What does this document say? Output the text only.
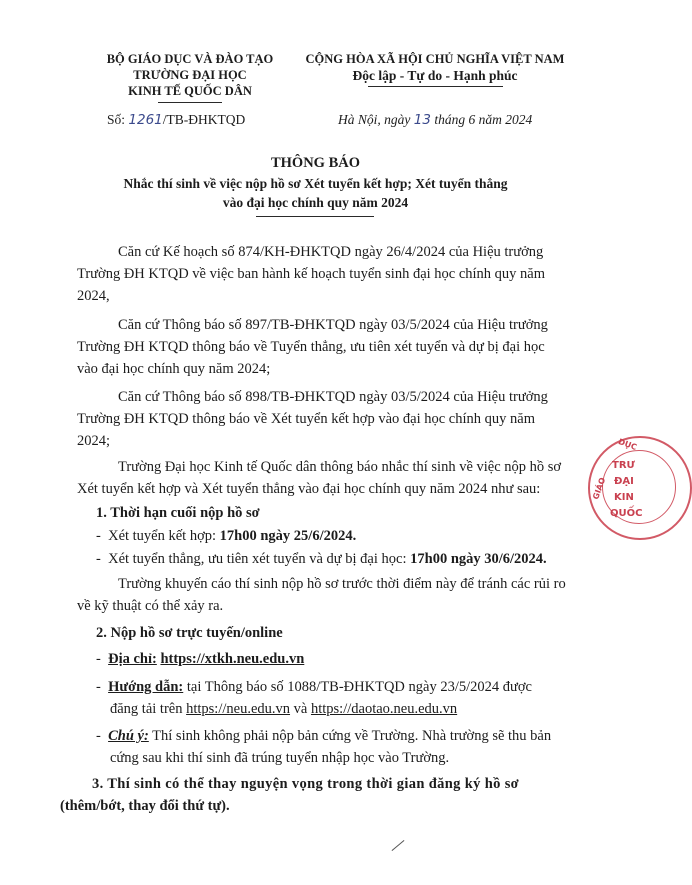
BỘ GIÁO DỤC VÀ ĐÀO TẠO
TRƯỜNG ĐẠI HỌC
KINH TẾ QUỐC DÂN
Số: 1261/TB-ĐHKTQD
CỘNG HÒA XÃ HỘI CHỦ NGHĨA VIỆT NAM
Độc lập - Tự do - Hạnh phúc
Hà Nội, ngày 13 tháng 6 năm 2024
THÔNG BÁO
Nhắc thí sinh về việc nộp hồ sơ Xét tuyển kết hợp; Xét tuyển thẳng
vào đại học chính quy năm 2024
Căn cứ Kế hoạch số 874/KH-ĐHKTQD ngày 26/4/2024 của Hiệu trưởng
Trường ĐH KTQD về việc ban hành kế hoạch tuyển sinh đại học chính quy năm
2024,
Căn cứ Thông báo số 897/TB-ĐHKTQD ngày 03/5/2024 của Hiệu trưởng
Trường ĐH KTQD thông báo về Tuyển thẳng, ưu tiên xét tuyển và dự bị đại học
vào đại học chính quy năm 2024;
Căn cứ Thông báo số 898/TB-ĐHKTQD ngày 03/5/2024 của Hiệu trưởng
Trường ĐH KTQD thông báo về Xét tuyển kết hợp vào đại học chính quy năm
2024;
Trường Đại học Kinh tế Quốc dân thông báo nhắc thí sinh về việc nộp hồ sơ
Xét tuyển kết hợp và Xét tuyển thẳng vào đại học chính quy năm 2024 như sau:
1. Thời hạn cuối nộp hồ sơ
-  Xét tuyển kết hợp: 17h00 ngày 25/6/2024.
-  Xét tuyển thẳng, ưu tiên xét tuyển và dự bị đại học: 17h00 ngày 30/6/2024.
Trường khuyến cáo thí sinh nộp hồ sơ trước thời điểm này để tránh các rủi ro
về kỹ thuật có thể xảy ra.
2. Nộp hồ sơ trực tuyến/online
-  Địa chỉ: https://xtkh.neu.edu.vn
-  Hướng dẫn: tại Thông báo số 1088/TB-ĐHKTQD ngày 23/5/2024 được
đăng tải trên https://neu.edu.vn và https://daotao.neu.edu.vn
-  Chú ý: Thí sinh không phải nộp bản cứng về Trường. Nhà trường sẽ thu bản
cứng sau khi thí sinh đã trúng tuyển nhập học vào Trường.
3. Thí sinh có thể thay nguyện vọng trong thời gian đăng ký hồ sơ
(thêm/bớt, thay đổi thứ tự).
TRƯ
ĐẠI
KIN
QUỐC
DỤC
GIÁO
